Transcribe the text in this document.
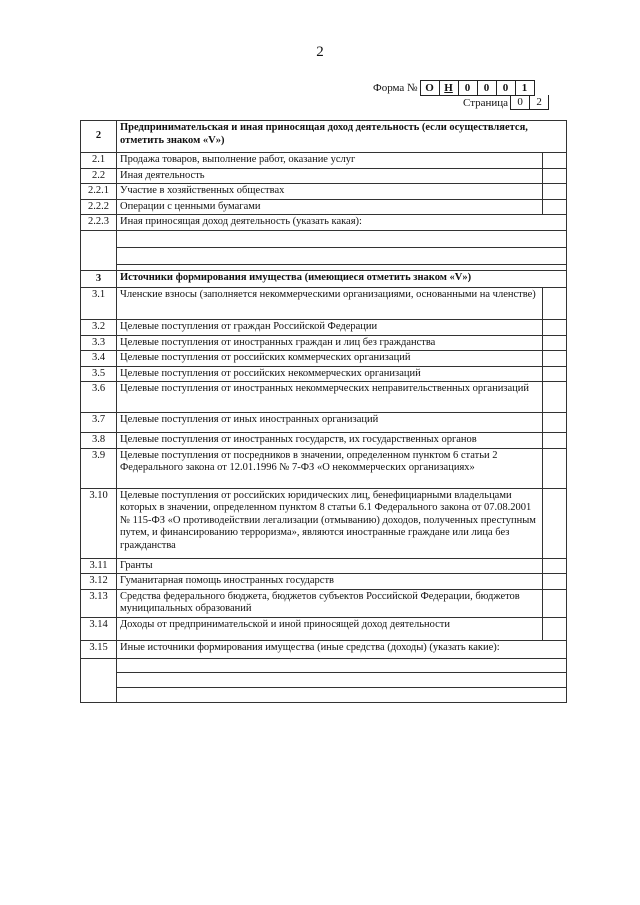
2
Форма № О Н	0	0	0	1
Страница 0	2
2	Предпринимательская и иная приносящая доход деятельность (если осуществляется, отметить знаком «V»)	
2.1	Продажа товаров, выполнение работ, оказание услуг	
2.2	Иная деятельность	
2.2.1	Участие в хозяйственных обществах	
2.2.2	Операции с ценными бумагами	
2.2.3	Иная приносящая доход деятельность (указать какая):	

3	Источники формирования имущества (имеющиеся отметить знаком «V»)	
3.1	Членские взносы (заполняется некоммерческими организациями, основанными на членстве)	
3.2	Целевые поступления от граждан Российской Федерации	
3.3	Целевые поступления от иностранных граждан и лиц без гражданства	
3.4	Целевые поступления от российских коммерческих организаций	
3.5	Целевые поступления от российских некоммерческих организаций	
3.6	Целевые поступления от иностранных некоммерческих неправительственных организаций	
3.7	Целевые поступления от иных иностранных организаций	
3.8	Целевые поступления от иностранных государств, их государственных органов	
3.9	Целевые поступления от посредников в значении, определенном пунктом 6 статьи 2 Федерального закона от 12.01.1996 № 7-ФЗ «О некоммерческих организациях»	
3.10	Целевые поступления от российских юридических лиц, бенефициарными владельцами которых в значении, определенном пунктом 8 статьи 6.1 Федерального закона от 07.08.2001 № 115-ФЗ «О противодействии легализации (отмыванию) доходов, полученных преступным путем, и финансированию терроризма», являются иностранные граждане или лица без гражданства	
3.11	Гранты	
3.12	Гуманитарная помощь иностранных государств	
3.13	Средства федерального бюджета, бюджетов субъектов Российской Федерации, бюджетов муниципальных образований	
3.14	Доходы от предпринимательской и иной приносящей доход деятельности	
3.15	Иные источники формирования имущества (иные средства (доходы) (указать какие):	
